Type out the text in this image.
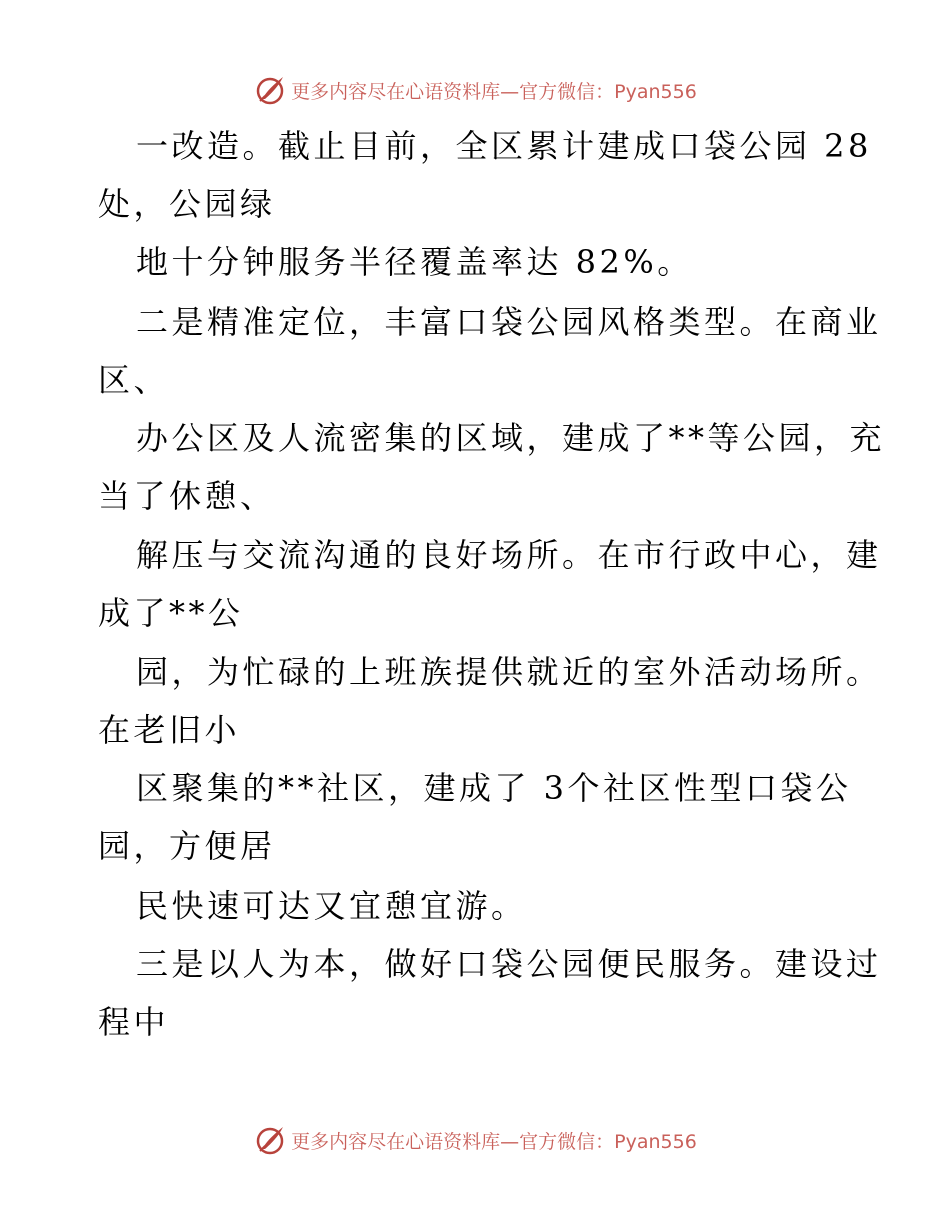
更多内容尽在心语资料库—官方微信：Pyan556
一改造。截止目前，全区累计建成口袋公园 28
处，公园绿
地十分钟服务半径覆盖率达 82%。
二是精准定位，丰富口袋公园风格类型。在商业
区、
办公区及人流密集的区域，建成了**等公园，充
当了休憩、
解压与交流沟通的良好场所。在市行政中心，建
成了**公
园，为忙碌的上班族提供就近的室外活动场所。
在老旧小
区聚集的**社区，建成了 3个社区性型口袋公
园，方便居
民快速可达又宜憩宜游。
三是以人为本，做好口袋公园便民服务。建设过
程中
更多内容尽在心语资料库—官方微信：Pyan556
